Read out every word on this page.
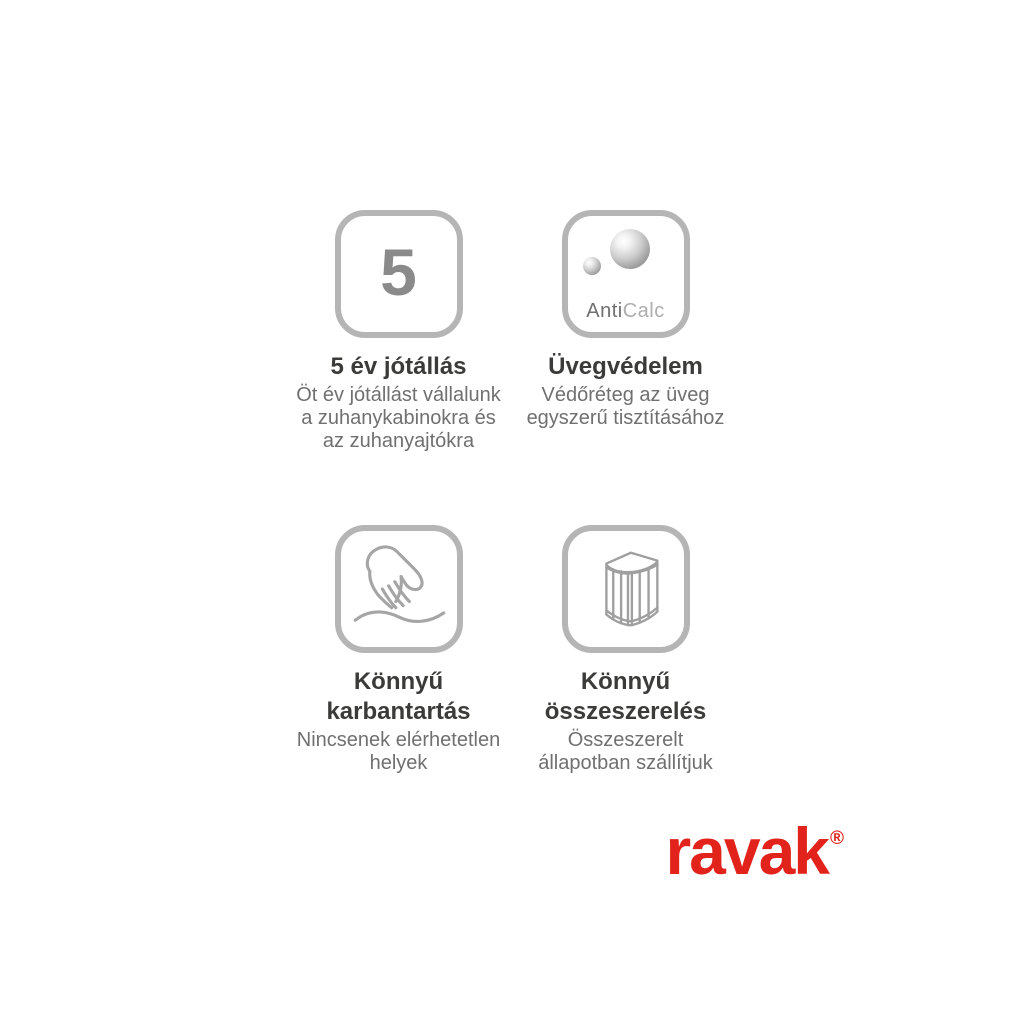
5
5 év jótállás
Öt év jótállást vállalunk a zuhanykabinokra és az zuhanyajtókra
AntiCalc
Üvegvédelem
Védőréteg az üveg egyszerű tisztításához
Könnyű karbantartás
Nincsenek elérhetetlen helyek
Könnyű összeszerelés
Összeszerelt állapotban szállítjuk
ravak ®
